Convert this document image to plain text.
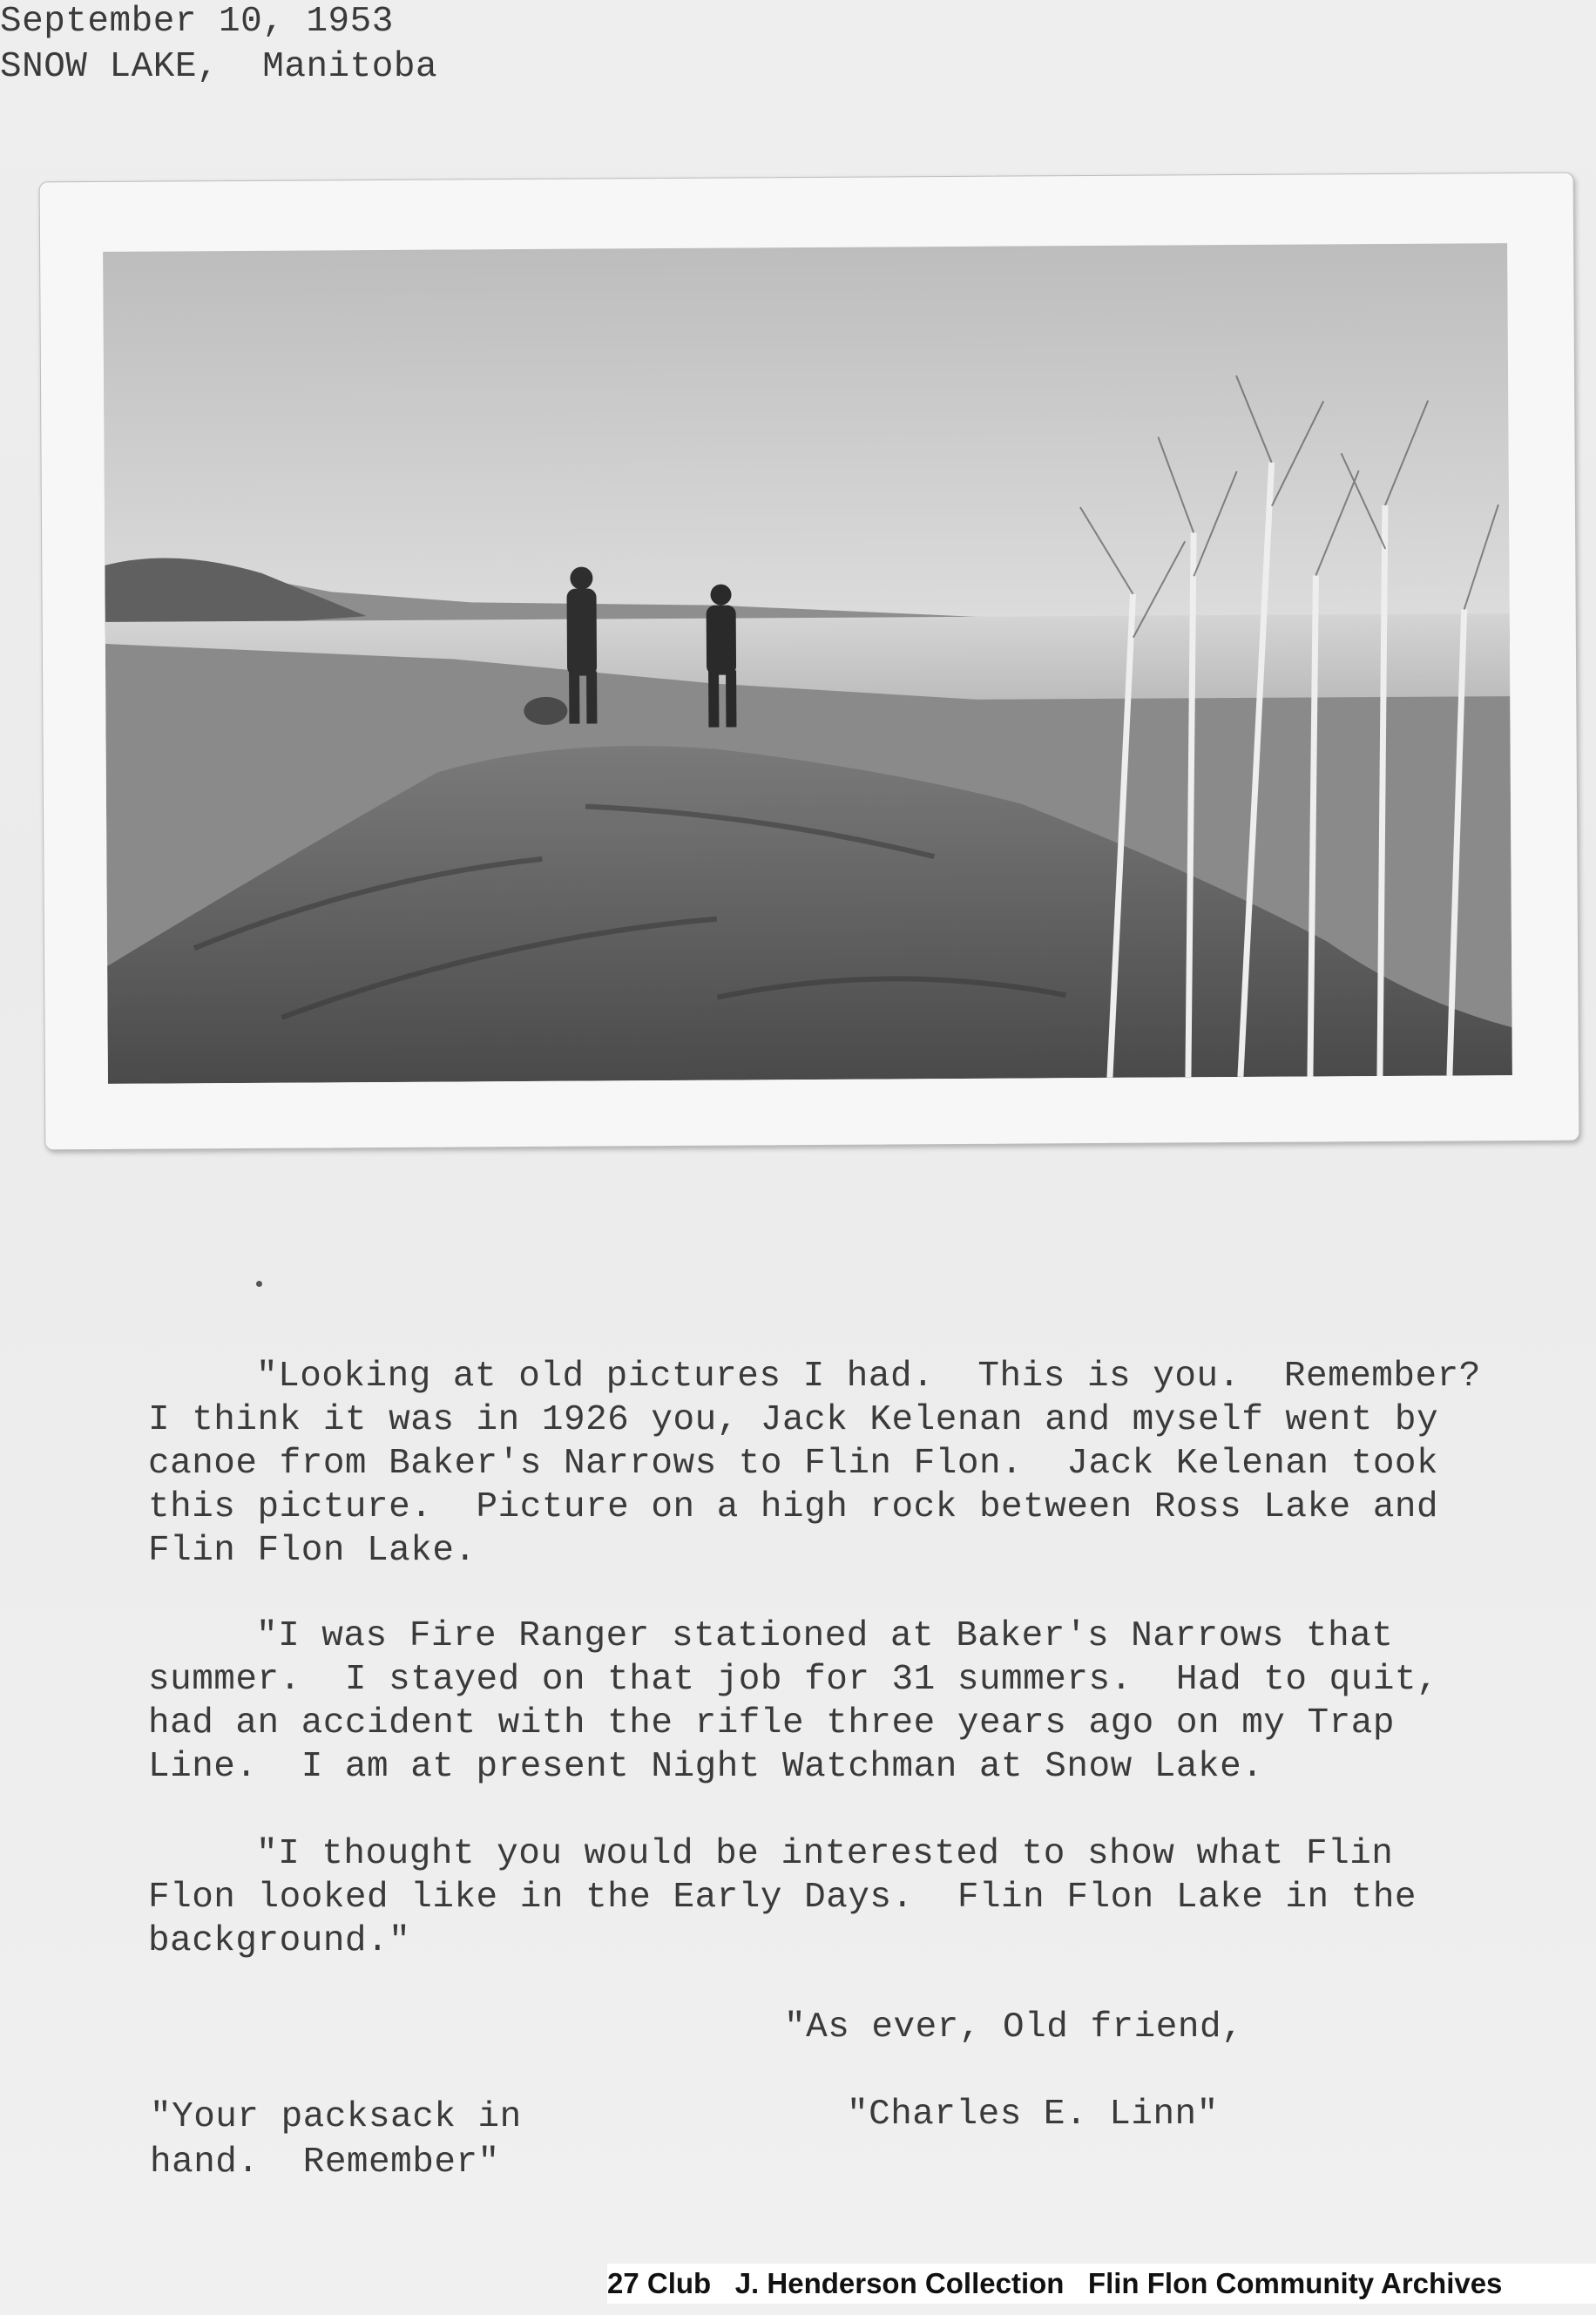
September 10, 1953
SNOW LAKE,  Manitoba
"Looking at old pictures I had.  This is you.  Remember?
I think it was in 1926 you, Jack Kelenan and myself went by
canoe from Baker's Narrows to Flin Flon.  Jack Kelenan took
this picture.  Picture on a high rock between Ross Lake and
Flin Flon Lake.
"I was Fire Ranger stationed at Baker's Narrows that
summer.  I stayed on that job for 31 summers.  Had to quit,
had an accident with the rifle three years ago on my Trap
Line.  I am at present Night Watchman at Snow Lake.
"I thought you would be interested to show what Flin
Flon looked like in the Early Days.  Flin Flon Lake in the
background."
"As ever, Old friend,
"Charles E. Linn"
"Your packsack in
hand.  Remember"
27 Club   J. Henderson Collection   Flin Flon Community Archives
